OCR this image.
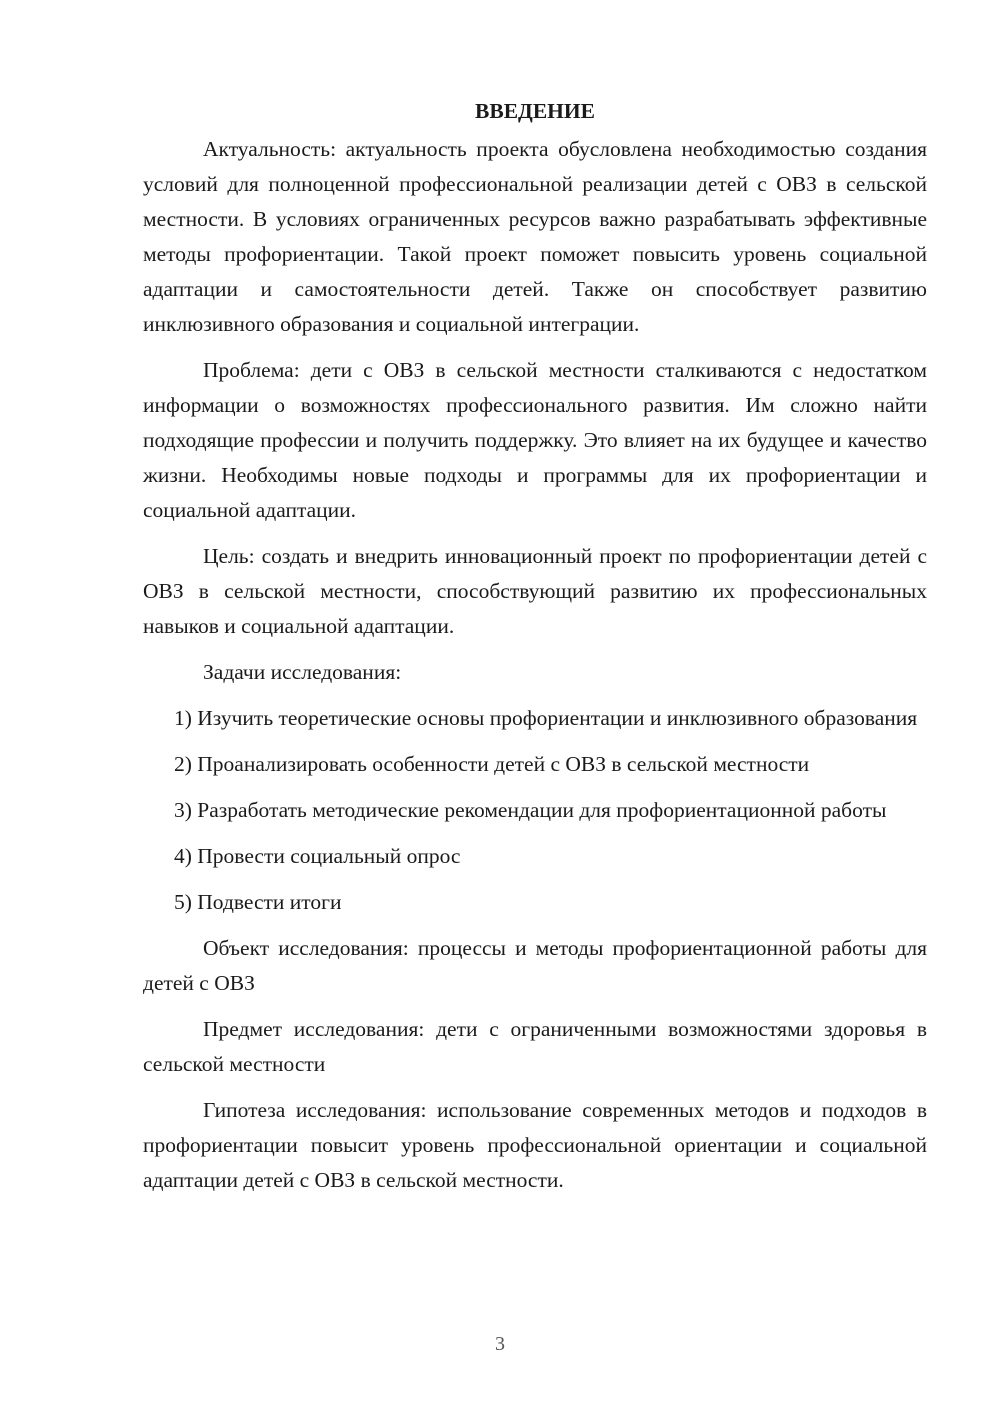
ВВЕДЕНИЕ

Актуальность: актуальность проекта обусловлена необходимостью создания условий для полноценной профессиональной реализации детей с ОВЗ в сельской местности. В условиях ограниченных ресурсов важно разрабатывать эффективные методы профориентации. Такой проект поможет повысить уровень социальной адаптации и самостоятельности детей. Также он способствует развитию инклюзивного образования и социальной интеграции.

Проблема: дети с ОВЗ в сельской местности сталкиваются с недостатком информации о возможностях профессионального развития. Им сложно найти подходящие профессии и получить поддержку. Это влияет на их будущее и качество жизни. Необходимы новые подходы и программы для их профориентации и социальной адаптации.

Цель: создать и внедрить инновационный проект по профориентации детей с ОВЗ в сельской местности, способствующий развитию их профессиональных навыков и социальной адаптации.

Задачи исследования:

1) Изучить теоретические основы профориентации и инклюзивного образования

2) Проанализировать особенности детей с ОВЗ в сельской местности

3) Разработать методические рекомендации для профориентационной работы

4) Провести социальный опрос

5) Подвести итоги

Объект исследования: процессы и методы профориентационной работы для детей с ОВЗ

Предмет исследования: дети с ограниченными возможностями здоровья в сельской местности

Гипотеза исследования: использование современных методов и подходов в профориентации повысит уровень профессиональной ориентации и социальной адаптации детей с ОВЗ в сельской местности.

3
